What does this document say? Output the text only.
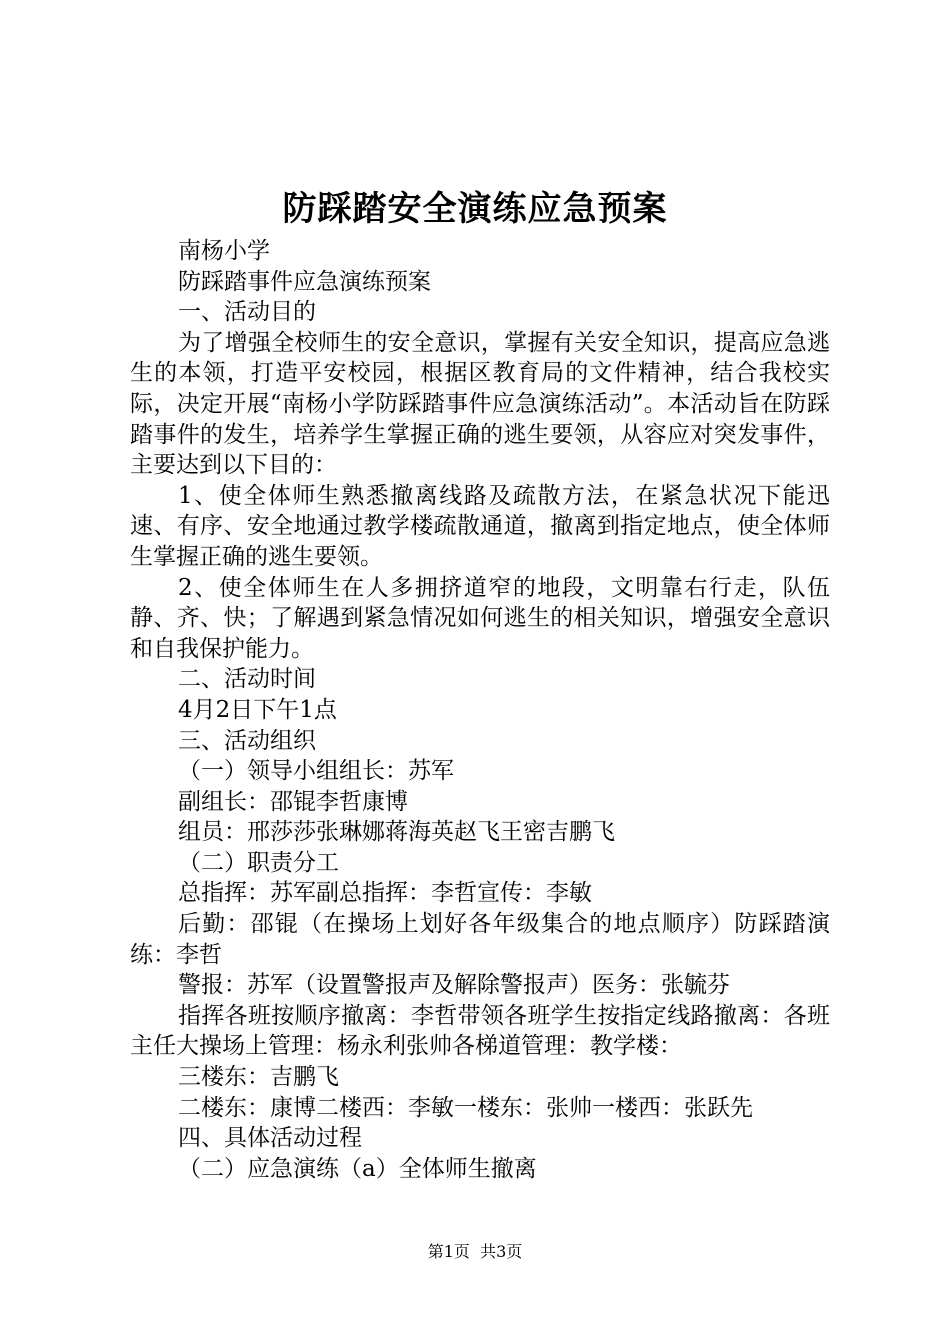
防踩踏安全演练应急预案

南杨小学

防踩踏事件应急演练预案

一、活动目的

为了增强全校师生的安全意识，掌握有关安全知识，提高应急逃生的本领，打造平安校园，根据区教育局的文件精神，结合我校实际，决定开展“南杨小学防踩踏事件应急演练活动”。本活动旨在防踩踏事件的发生，培养学生掌握正确的逃生要领，从容应对突发事件，主要达到以下目的：

1、使全体师生熟悉撤离线路及疏散方法，在紧急状况下能迅速、有序、安全地通过教学楼疏散通道，撤离到指定地点，使全体师生掌握正确的逃生要领。

2、使全体师生在人多拥挤道窄的地段，文明靠右行走，队伍静、齐、快；了解遇到紧急情况如何逃生的相关知识，增强安全意识和自我保护能力。

二、活动时间

4月2日下午1点

三、活动组织

（一）领导小组组长：苏军

副组长：邵锟李哲康博

组员：邢莎莎张琳娜蒋海英赵飞王密吉鹏飞

（二）职责分工

总指挥：苏军副总指挥：李哲宣传：李敏

后勤：邵锟（在操场上划好各年级集合的地点顺序）防踩踏演练：李哲

警报：苏军（设置警报声及解除警报声）医务：张毓芬

指挥各班按顺序撤离：李哲带领各班学生按指定线路撤离：各班主任大操场上管理：杨永利张帅各梯道管理：教学楼：

三楼东：吉鹏飞

二楼东：康博二楼西：李敏一楼东：张帅一楼西：张跃先

四、具体活动过程

（二）应急演练（a）全体师生撤离

第1页  共3页
